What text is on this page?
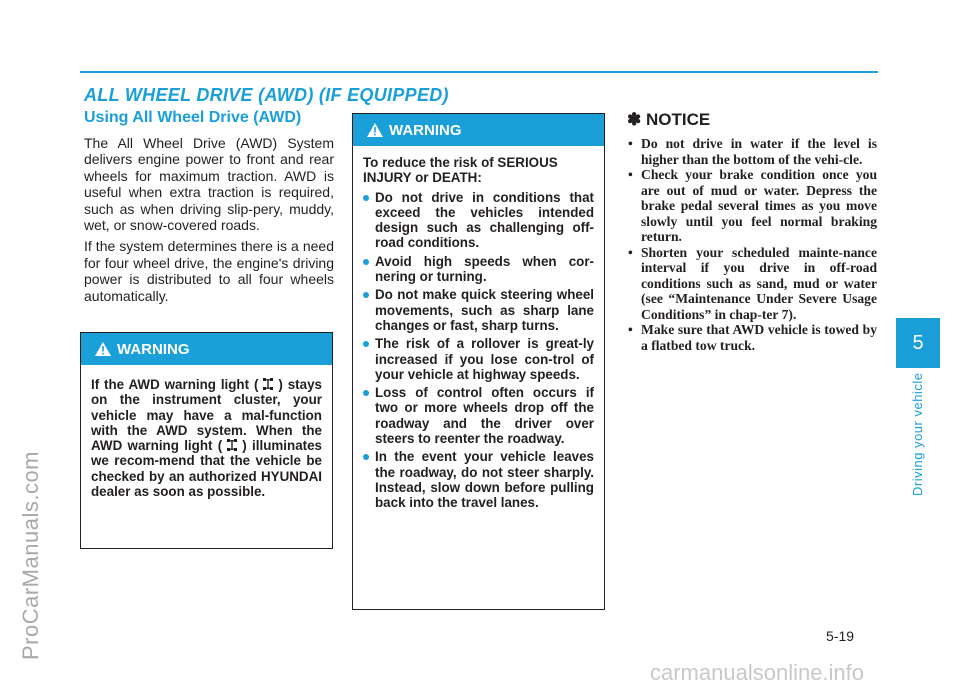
ALL WHEEL DRIVE (AWD) (IF EQUIPPED)
Using All Wheel Drive (AWD)

The All Wheel Drive (AWD) System delivers engine power to front and rear wheels for maximum traction. AWD is useful when extra traction is required, such as when driving slip-pery, muddy, wet, or snow-covered roads.

If the system determines there is a need for four wheel drive, the engine's driving power is distributed to all four wheels automatically.

WARNING
If the AWD warning light ( ) stays on the instrument cluster, your vehicle may have a mal-function with the AWD system. When the AWD warning light ( ) illuminates we recom-mend that the vehicle be checked by an authorized HYUNDAI dealer as soon as possible.
WARNING

To reduce the risk of SERIOUS INJURY or DEATH:

Do not drive in conditions that exceed the vehicles intended design such as challenging off-road conditions.
Avoid high speeds when cor-nering or turning.
Do not make quick steering wheel movements, such as sharp lane changes or fast, sharp turns.
The risk of a rollover is great-ly increased if you lose con-trol of your vehicle at highway speeds.
Loss of control often occurs if two or more wheels drop off the roadway and the driver over steers to reenter the roadway.
In the event your vehicle leaves the roadway, do not steer sharply. Instead, slow down before pulling back into the travel lanes.
✽ NOTICE
• Do not drive in water if the level is higher than the bottom of the vehi-cle.
• Check your brake condition once you are out of mud or water. Depress the brake pedal several times as you move slowly until you feel normal braking return.
• Shorten your scheduled mainte-nance interval if you drive in off-road conditions such as sand, mud or water (see “Maintenance Under Severe Usage Conditions” in chap-ter 7).
• Make sure that AWD vehicle is towed by a flatbed tow truck.	5
Driving your vehicle
5-19
ProCarManuals.com
carmanualsonline.info
